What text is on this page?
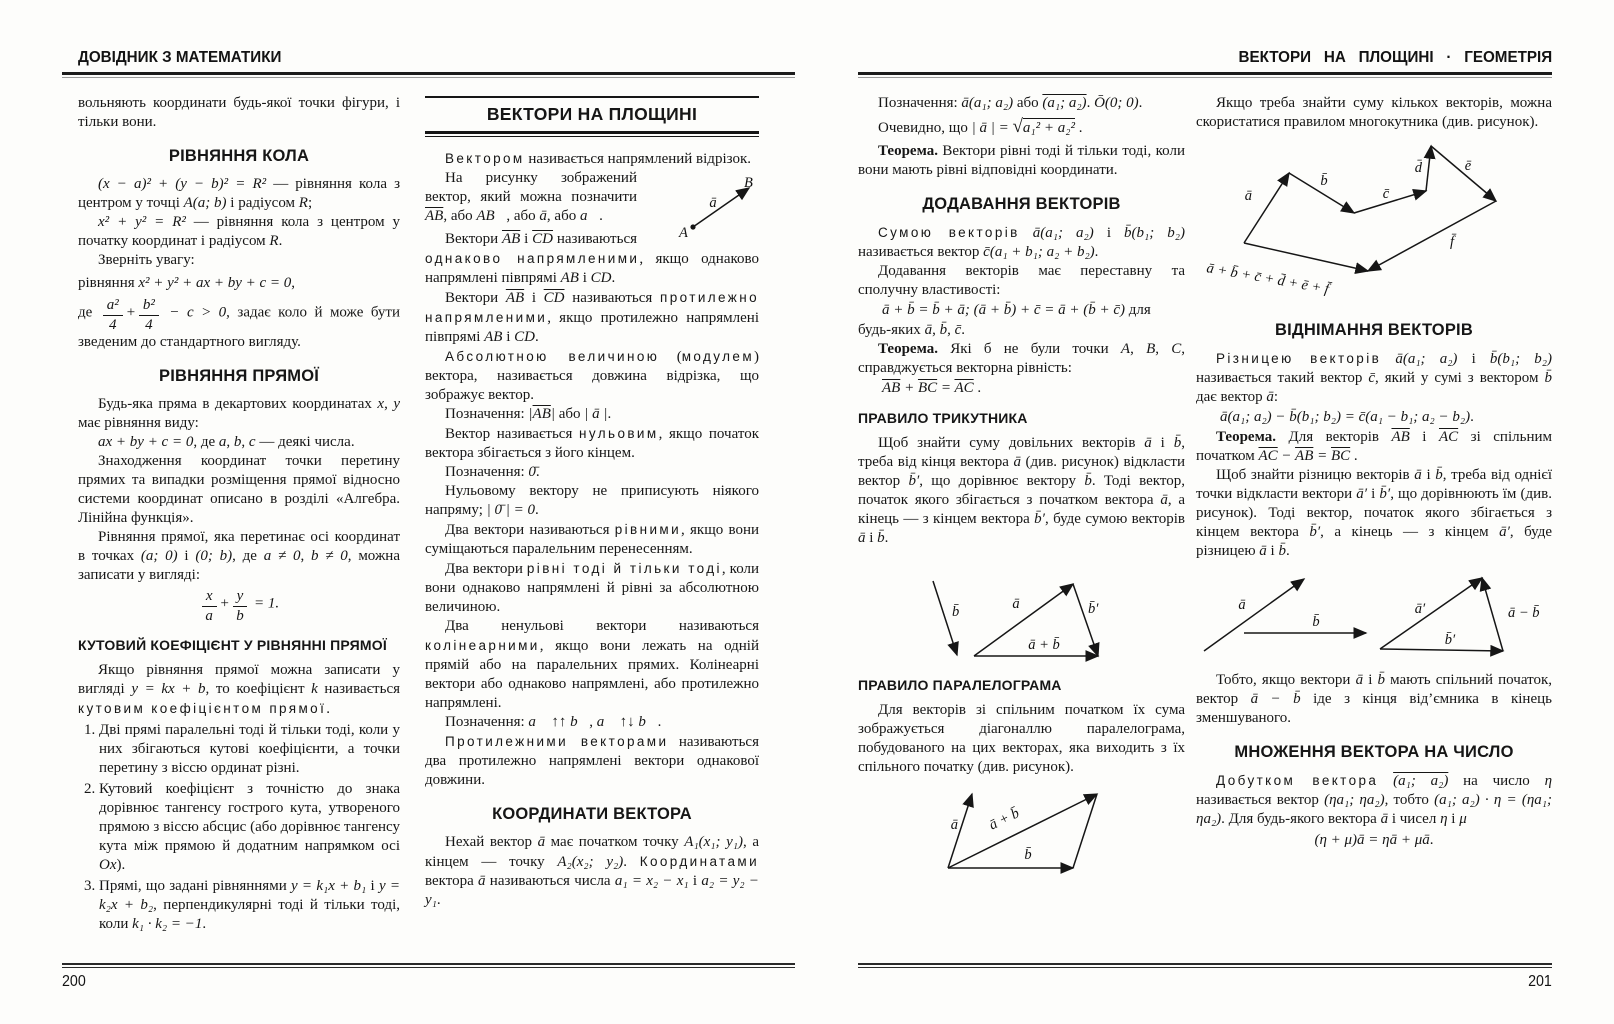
ДОВІДНИК З МАТЕМАТИКИ	ВЕКТОРИ НА ПЛОЩИНІ · ГЕОМЕТРІЯ

вольняють координати будь-якої точки фігури, і тільки вони.

РІВНЯННЯ КОЛА

(x − a)² + (y − b)² = R² — рівняння кола з центром у точці A(a; b) і радіусом R;

x² + y² = R² — рівняння кола з центром у початку координат і радіусом R.

Зверніть увагу:

рівняння x² + y² + ax + by + c = 0,

де $\frac{\text{a²}}{4} + \frac{\text{b²}}{4} - c > 0$, задає коло й може бути зведеним до стандартного вигляду.

РІВНЯННЯ ПРЯМОЇ

Будь-яка пряма в декартових координатах x, y має рівняння виду:

ax + by + c = 0, де a, b, c — деякі числа.

Знаходження координат точки перетину прямих та випадки розміщення прямої відносно системи координат описано в розділі «Алгебра. Лінійна функція».

Рівняння прямої, яка перетинає осі координат в точках (a; 0) і (0; b), де a ≠ 0, b ≠ 0, можна записати у вигляді:

$\frac{x}{a} + \frac{y}{b} = 1$.

КУТОВИЙ КОЕФІЦІЄНТ У РІВНЯННІ ПРЯМОЇ

Якщо рівняння прямої можна записати у вигляді y = kx + b, то коефіцієнт k називається кутовим коефіцієнтом прямої.

1. Дві прямі паралельні тоді й тільки тоді, коли у них збігаються кутові коефіцієнти, а точки перетину з віссю ординат різні.
2. Кутовий коефіцієнт з точністю до знака дорівнює тангенсу гострого кута, утвореного прямою з віссю абсцис (або дорівнює тангенсу кута між прямою й додатним напрямком осі Ox).
3. Прямі, що задані рівняннями y = k₁x + b₁ і y = k₂x + b₂, перпендикулярні тоді й тільки тоді, коли k₁ · k₂ = −1.
ВЕКТОРИ НА ПЛОЩИНІ

Вектором називається напрямлений відрізок.

A
B
ā
На рисунку зображений вектор, який можна позначити $\overline{AB}$, або AB⃗, або ā, або a⃗.

Вектори $\overline{AB}$ і $\overline{CD}$ називаються однаково напрямленими, якщо однаково напрямлені півпрямі AB і CD.

Вектори $\overline{AB}$ і $\overline{CD}$ називаються протилежно напрямленими, якщо протилежно напрямлені півпрямі AB і CD.

Абсолютною величиною (модулем) вектора, називається довжина відрізка, що зображує вектор.

Позначення: $|\overline{AB}|$ або | ā |.

Вектор називається нульовим, якщо початок вектора збігається з його кінцем.

Позначення: 0̄.

Нульовому вектору не приписують ніякого напряму; | 0̄ | = 0.

Два вектори називаються рівними, якщо вони суміщаються паралельним перенесенням.

Два вектори рівні тоді й тільки тоді, коли вони однаково напрямлені й рівні за абсолютною величиною.

Два ненульові вектори називаються колінеарними, якщо вони лежать на одній прямій або на паралельних прямих. Колінеарні вектори або однаково напрямлені, або протилежно напрямлені.

Позначення: a⃗ ↑↑ b⃗, a⃗ ↑↓ b⃗.

Протилежними векторами називаються два протилежно напрямлені вектори однакової довжини.

КООРДИНАТИ ВЕКТОРА

Нехай вектор ā має початком точку A₁(x₁; y₁), а кінцем — точку A₂(x₂; y₂). Координатами вектора ā називаються числа a₁ = x₂ − x₁ і a₂ = y₂ − y₁.

Позначення: ā(a₁; a₂) або (a₁; a₂). Ō(0; 0).

Очевидно, що | ā | = √a₁² + a₂² .

Теорема. Вектори рівні тоді й тільки тоді, коли вони мають рівні відповідні координати.

ДОДАВАННЯ ВЕКТОРІВ

Сумою векторів ā(a₁; a₂) і b̄(b₁; b₂) називається вектор c̄(a₁ + b₁; a₂ + b₂).

Додавання векторів має переставну та сполучну властивості:

ā + b̄ = b̄ + ā; (ā + b̄) + c̄ = ā + (b̄ + c̄) для

будь-яких ā, b̄, c̄.

Теорема. Які б не були точки A, B, C, справджується векторна рівність:

$\overline{AB} + \overline{BC} = \overline{AC}$ .

ПРАВИЛО ТРИКУТНИКА

Щоб знайти суму довільних векторів ā і b̄, треба від кінця вектора ā (див. рисунок) відкласти вектор b̄′, що дорівнює вектору b̄. Тоді вектор, початок якого збігається з початком вектора ā, а кінець — з кінцем вектора b̄′, буде сумою векторів ā і b̄.

b̄	ā	b̄′
ā + b̄
ПРАВИЛО ПАРАЛЕЛОГРАМА

Для векторів зі спільним початком їх сума зображується діагоналлю паралелограма, побудованого на цих векторах, яка виходить з їх спільного початку (див. рисунок).

ā ā + b̄
b̄

Якщо треба знайти суму кількох векторів, можна скористатися правилом многокутника (див. рисунок).

ā
b̄
c̄
d̄	ē
f̄
ā + b̄ + c̄ + d̄ + ē + f̄
ВІДНІМАННЯ ВЕКТОРІВ

Різницею векторів ā(a₁; a₂) і b̄(b₁; b₂) називається такий вектор c̄, який у сумі з вектором b̄ дає вектор ā:

ā(a₁; a₂) − b̄(b₁; b₂) = c̄(a₁ − b₁; a₂ − b₂).

Теорема. Для векторів $\overline{AB}$ і $\overline{AC}$ зі спільним початком $\overline{AC} - \overline{AB} = \overline{BC}$ .

Щоб знайти різницю векторів ā і b̄, треба від однієї точки відкласти вектори ā′ і b̄′, що дорівнюють їм (див. рисунок). Тоді вектор, початок якого збігається з кінцем вектора b̄′, а кінець — з кінцем ā′, буде різницею ā і b̄.

ā
b̄
ā′
b̄′
ā − b̄

Тобто, якщо вектори ā і b̄ мають спільний початок, вектор ā − b̄ іде з кінця від’ємника в кінець зменшуваного.

МНОЖЕННЯ ВЕКТОРА НА ЧИСЛО

Добутком вектора (a₁; a₂) на число η називається вектор (ηa₁; ηa₂), тобто (a₁; a₂) · η = (ηa₁; ηa₂). Для будь-якого вектора ā і чисел η і μ

(η + μ)ā = ηā + μā.

200	201
